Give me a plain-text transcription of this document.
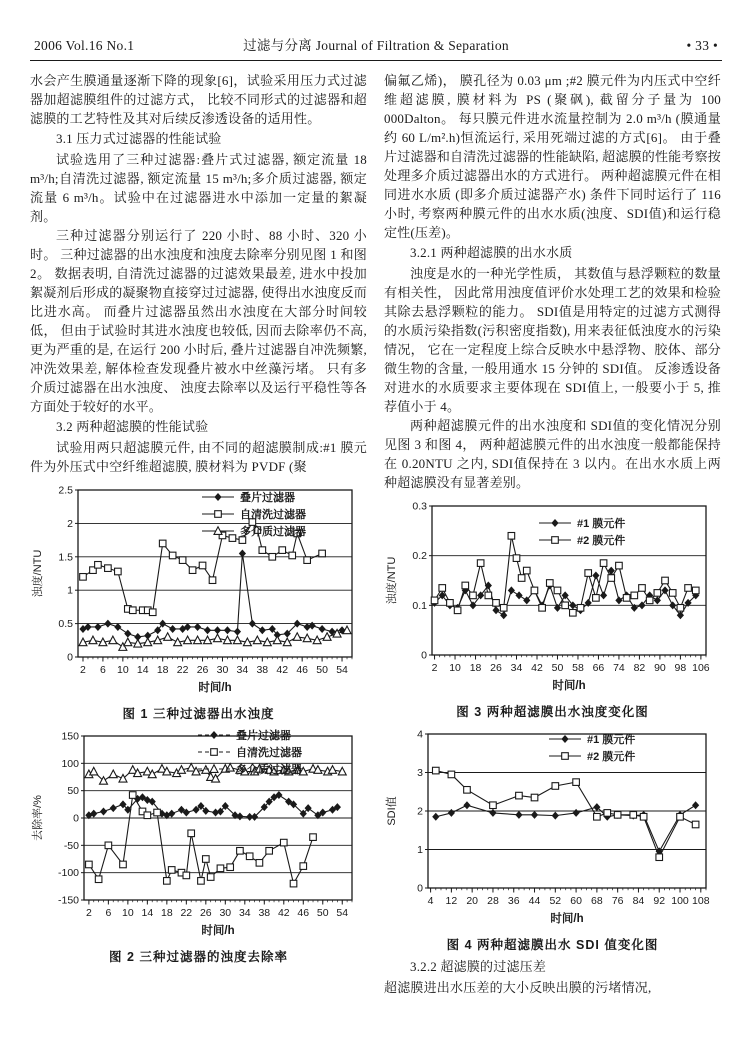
2006 Vol.16 No.1	过滤与分离 Journal of Filtration & Separation	• 33 •

水会产生膜通量逐渐下降的现象[6]，试验采用压力式过滤器加超滤膜组件的过滤方式， 比较不同形式的过滤器和超滤膜的工艺特性及其对后续反渗透设备的适用性。

3.1 压力式过滤器的性能试验

试验选用了三种过滤器:叠片式过滤器, 额定流量 18 m³/h;自清洗过滤器, 额定流量 15 m³/h;多介质过滤器, 额定流量 6 m³/h。试验中在过滤器进水中添加一定量的絮凝剂。

三种过滤器分别运行了 220 小时、88 小时、320 小时。 三种过滤器的出水浊度和浊度去除率分别见图 1 和图 2。 数据表明, 自清洗过滤器的过滤效果最差, 进水中投加絮凝剂后形成的凝聚物直接穿过过滤器, 使得出水浊度反而比进水高。 而叠片过滤器虽然出水浊度在大部分时间较低， 但由于试验时其进水浊度也较低, 因而去除率仍不高, 更为严重的是, 在运行 200 小时后, 叠片过滤器自冲洗频繁, 冲洗效果差, 解体检查发现叠片被水中丝藻污堵。 只有多介质过滤器在出水浊度、 浊度去除率以及运行平稳性等各方面处于较好的水平。

3.2 两种超滤膜的性能试验

试验用两只超滤膜元件, 由不同的超滤膜制成:#1 膜元件为外压式中空纤维超滤膜, 膜材料为 PVDF (聚

0
0.5
1
1.5
2
2.5
2 6 10 14 18 22 26 30 34 38 42 46 50 54
浊度/NTU
时间/h
叠片过滤器
自清洗过滤器
多介质过滤器
图 1 三种过滤器出水浊度
-150
-100
-50
0
50
100
150
2 6 10 14 18 22 26 30 34 38 42 46 50 54
去除率/%
时间/h
叠片过滤器
自清洗过滤器
多介质过滤器
图 2 三种过滤器的浊度去除率

偏氟乙烯)， 膜孔径为 0.03 μm ;#2 膜元件为内压式中空纤维超滤膜, 膜材料为 PS (聚砜), 截留分子量为 100 000Dalton。 每只膜元件进水流量控制为 2.0 m³/h (膜通量约 60 L/m².h)恒流运行, 采用死端过滤的方式[6]。 由于叠片过滤器和自清洗过滤器的性能缺陷, 超滤膜的性能考察按处理多介质过滤器出水的方式进行。 两种超滤膜元件在相同进水水质 (即多介质过滤器产水) 条件下同时运行了 116 小时, 考察两种膜元件的出水水质(浊度、SDI值)和运行稳定性(压差)。

3.2.1 两种超滤膜的出水水质

浊度是水的一种光学性质， 其数值与悬浮颗粒的数量有相关性， 因此常用浊度值评价水处理工艺的效果和检验其除去悬浮颗粒的能力。 SDI值是用特定的过滤方式测得的水质污染指数(污积密度指数), 用来表征低浊度水的污染情况， 它在一定程度上综合反映水中悬浮物、胶体、部分微生物的含量, 一般用通水 15 分钟的 SDI值。 反渗透设备对进水的水质要求主要体现在 SDI值上, 一般要小于 5, 推荐值小于 4。

两种超滤膜元件的出水浊度和 SDI值的变化情况分别见图 3 和图 4， 两种超滤膜元件的出水浊度一般都能保持在 0.20NTU 之内, SDI值保持在 3 以内。在出水水质上两种超滤膜没有显著差别。

0
0.1
0.2
0.3
2 10 18 26 34 42 50 58 66 74 82 90 98 106
浊度/NTU
时间/h
#1 膜元件
#2 膜元件
图 3 两种超滤膜出水浊度变化图
0
1
2
3
4
4 12 20 28 36 44 52 60 68 76 84 92 100 108
SDI值
时间/h
#1 膜元件
#2 膜元件
图 4 两种超滤膜出水 SDI 值变化图
3.2.2 超滤膜的过滤压差

超滤膜进出水压差的大小反映出膜的污堵情况,
